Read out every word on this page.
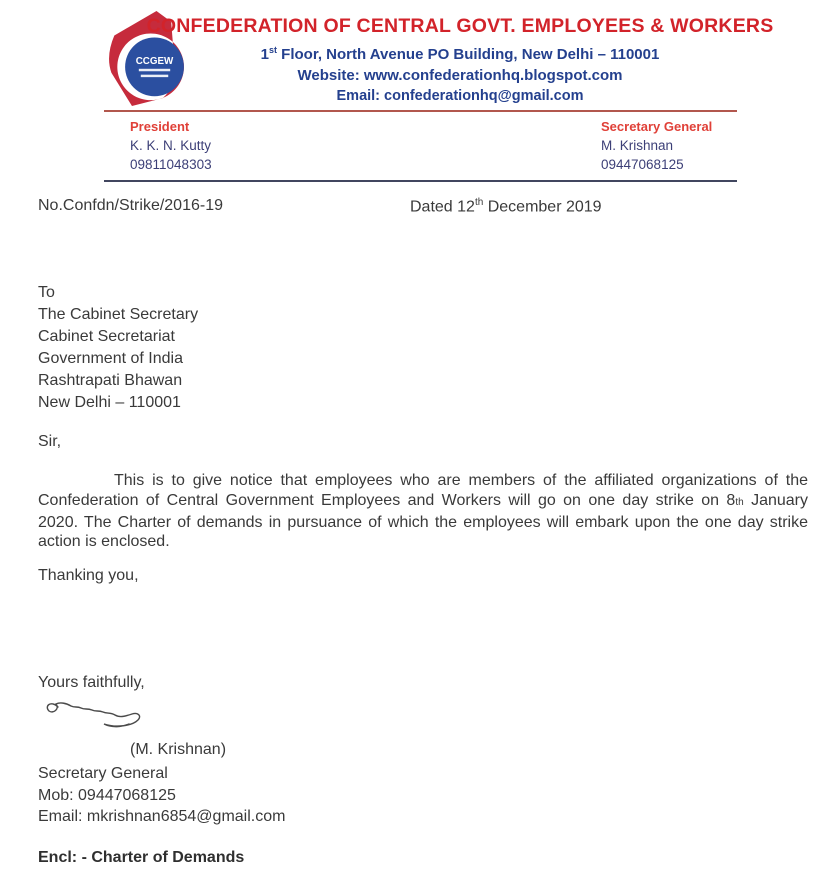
CCGEW
CONFEDERATION OF CENTRAL GOVT. EMPLOYEES & WORKERS
1st Floor, North Avenue PO Building, New Delhi – 110001
Website: www.confederationhq.blogspot.com
Email: confederationhq@gmail.com
President
K. K. N. Kutty
09811048303
Secretary General
M. Krishnan
09447068125
No.Confdn/Strike/2016-19	Dated 12th December 2019
To
The Cabinet Secretary
Cabinet Secretariat
Government of India
Rashtrapati Bhawan
New Delhi – 110001
Sir,
This is to give notice that employees who are members of the affiliated organizations of the Confederation of Central Government Employees and Workers will go on one day strike on 8th January 2020. The Charter of demands in pursuance of which the employees will embark upon the one day strike action is enclosed.
Thanking you,
Yours faithfully,
(M. Krishnan)
Secretary General
Mob: 09447068125
Email: mkrishnan6854@gmail.com
Encl: - Charter of Demands
